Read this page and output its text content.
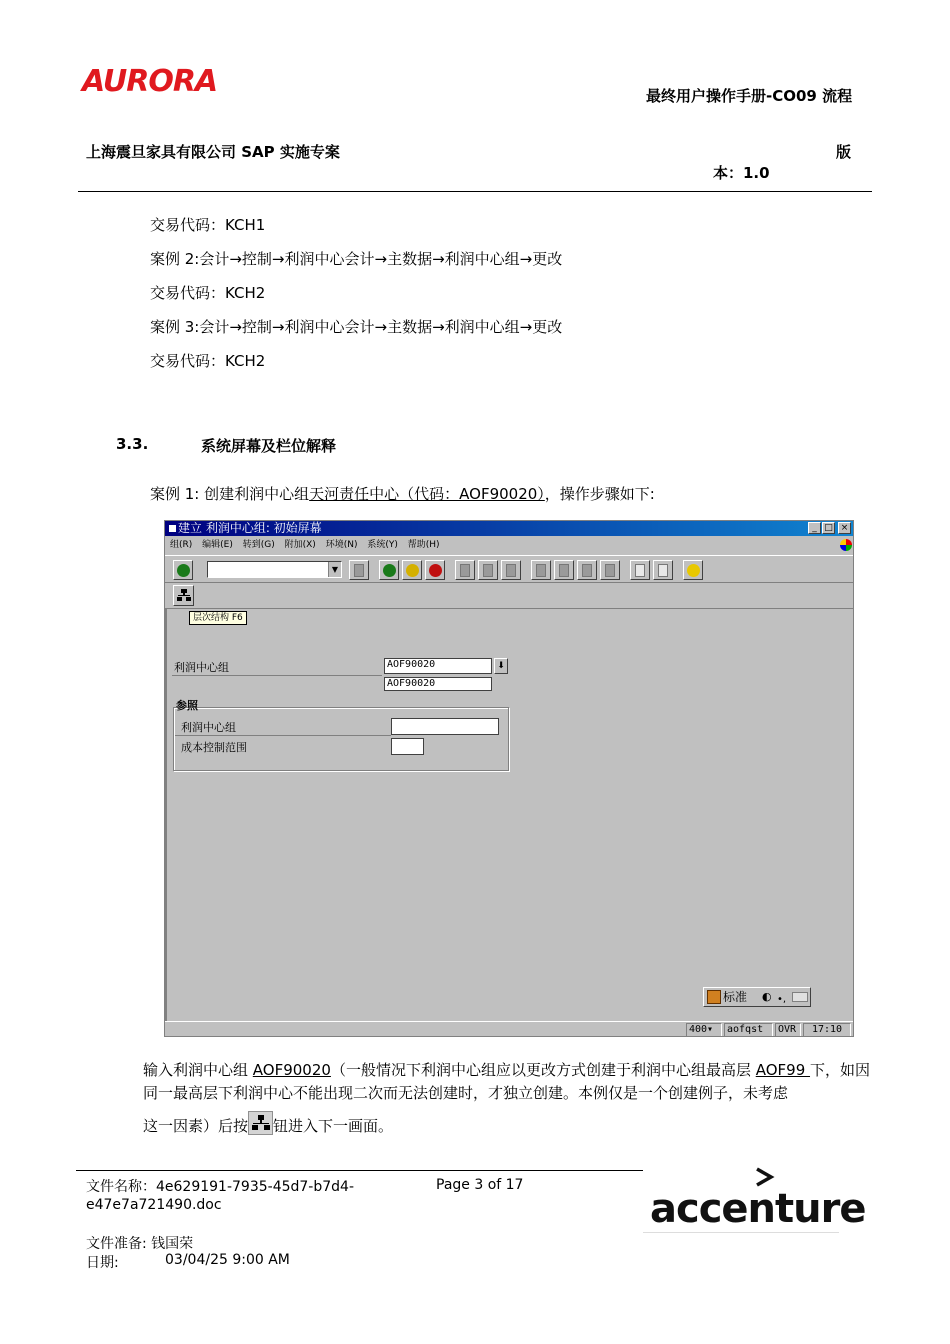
AURORA	最终用户操作手册-CO09 流程
上海震旦家具有限公司 SAP 实施专案	版
本：1.0
交易代码：KCH1
案例 2:会计→控制→利润中心会计→主数据→利润中心组→更改
交易代码：KCH2
案例 3:会计→控制→利润中心会计→主数据→利润中心组→更改
交易代码：KCH2
3.3.	系统屏幕及栏位解释
案例 1: 创建利润中心组天河责任中心（代码：AOF90020），操作步骤如下:
建立 利润中心组: 初始屏幕	_ □ ×
组(R) 编辑(E) 转到(G) 附加(X) 环境(N) 系统(Y) 帮助(H)
▼
层次结构 F6
利润中心组	AOF90020	⬇
AOF90020
参照
利润中心组
成本控制范围
标准 ◐ •,
400▾	aofqst	OVR	17:10
输入利润中心组 AOF90020（一般情况下利润中心组应以更改方式创建于利润中心组最高层 AOF99 下，如因同一最高层下利润中心不能出现二次而无法创建时，才独立创建。本例仅是一个创建例子，未考虑
这一因素）后按 钮进入下一画面。
文件名称：4e629191-7935-45d7-b7d4-e47e7a721490.doc
Page 3 of 17
文件准备: 钱国荣
日期:	03/04/25 9:00 AM
accenture
